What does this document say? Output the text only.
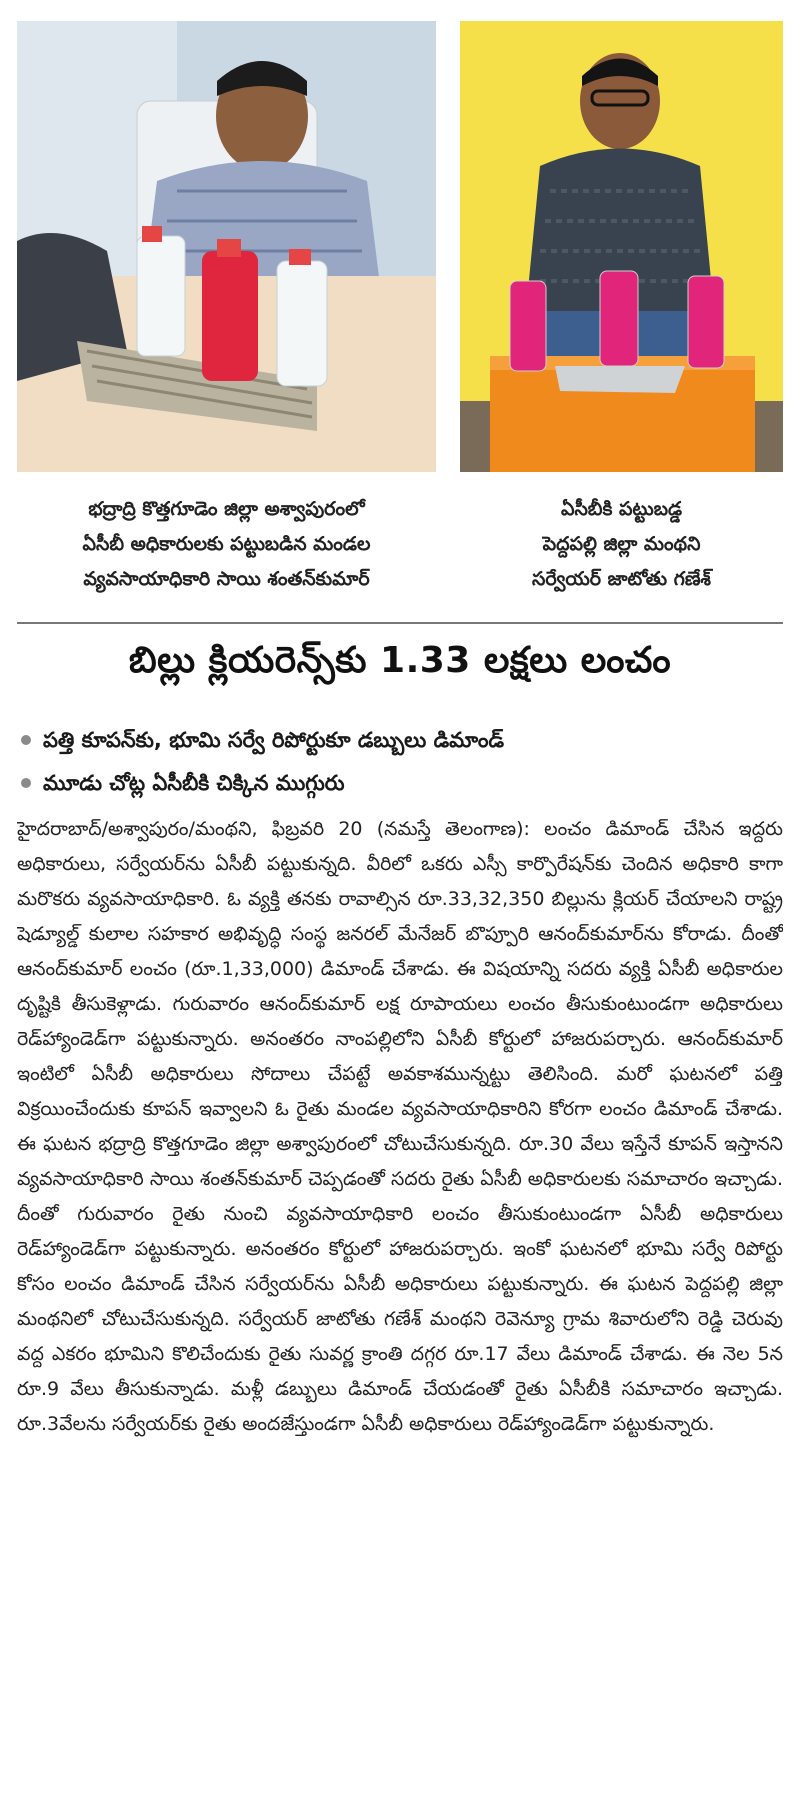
భద్రాద్రి కొత్తగూడెం జిల్లా అశ్వాపురంలో
ఏసీబీ అధికారులకు పట్టుబడిన మండల
వ్యవసాయాధికారి సాయి శంతన్‌కుమార్
ఏసీబీకి పట్టుబడ్డ
పెద్దపల్లి జిల్లా మంథని
సర్వేయర్ జాటోతు గణేశ్
బిల్లు క్లియరెన్స్‌కు 1.33 లక్షలు లంచం
పత్తి కూపన్‌కు, భూమి సర్వే రిపోర్టుకూ డబ్బులు డిమాండ్
మూడు చోట్ల ఏసీబీకి చిక్కిన ముగ్గురు
హైదరాబాద్/అశ్వాపురం/మంథని, ఫిబ్రవరి 20 (నమస్తే తెలంగాణ): లంచం డిమాండ్ చేసిన ఇద్దరు అధికారులు, సర్వేయర్‌ను ఏసీబీ పట్టుకున్నది. వీరిలో ఒకరు ఎస్సీ కార్పొరేషన్‌కు చెందిన అధికారి కాగా మరొకరు వ్యవసాయాధికారి. ఓ వ్యక్తి తనకు రావాల్సిన రూ.33,32,350 బిల్లును క్లియర్ చేయాలని రాష్ట్ర షెడ్యూల్డ్ కులాల సహకార అభివృద్ధి సంస్థ జనరల్ మేనేజర్ బొప్పూరి ఆనంద్‌కుమార్‌ను కోరాడు. దీంతో ఆనంద్‌కుమార్ లంచం (రూ.1,33,000) డిమాండ్ చేశాడు. ఈ విషయాన్ని సదరు వ్యక్తి ఏసీబీ అధికారుల దృష్టికి తీసుకెళ్లాడు. గురువారం ఆనంద్‌కుమార్ లక్ష రూపాయలు లంచం తీసుకుంటుండగా అధికారులు రెడ్‌హ్యాండెడ్‌గా పట్టుకున్నారు. అనంతరం నాంపల్లిలోని ఏసీబీ కోర్టులో హాజరుపర్చారు. ఆనంద్‌కుమార్ ఇంటిలో ఏసీబీ అధికారులు సోదాలు చేపట్టే అవకాశమున్నట్టు తెలిసింది. మరో ఘటనలో పత్తి విక్రయించేందుకు కూపన్ ఇవ్వాలని ఓ రైతు మండల వ్యవసాయాధికారిని కోరగా లంచం డిమాండ్ చేశాడు. ఈ ఘటన భద్రాద్రి కొత్తగూడెం జిల్లా అశ్వాపురంలో చోటుచేసుకున్నది. రూ.30 వేలు ఇస్తేనే కూపన్ ఇస్తానని వ్యవసాయాధికారి సాయి శంతన్‌కుమార్ చెప్పడంతో సదరు రైతు ఏసీబీ అధికారులకు సమాచారం ఇచ్చాడు. దీంతో గురువారం రైతు నుంచి వ్యవసాయాధికారి లంచం తీసుకుంటుండగా ఏసీబీ అధికారులు రెడ్‌హ్యాండెడ్‌గా పట్టుకున్నారు. అనంతరం కోర్టులో హాజరుపర్చారు. ఇంకో ఘటనలో భూమి సర్వే రిపోర్టు కోసం లంచం డిమాండ్ చేసిన సర్వేయర్‌ను ఏసీబీ అధికారులు పట్టుకున్నారు. ఈ ఘటన పెద్దపల్లి జిల్లా మంథనిలో చోటుచేసుకున్నది. సర్వేయర్ జాటోతు గణేశ్ మంథని రెవెన్యూ గ్రామ శివారులోని రెడ్డి చెరువు వద్ద ఎకరం భూమిని కొలిచేందుకు రైతు సువర్ణ క్రాంతి దగ్గర రూ.17 వేలు డిమాండ్ చేశాడు. ఈ నెల 5న రూ.9 వేలు తీసుకున్నాడు. మళ్లీ డబ్బులు డిమాండ్ చేయడంతో రైతు ఏసీబీకి సమాచారం ఇచ్చాడు. రూ.3వేలను సర్వేయర్‌కు రైతు అందజేస్తుండగా ఏసీబీ అధికారులు రెడ్‌హ్యాండెడ్‌గా పట్టుకున్నారు.
